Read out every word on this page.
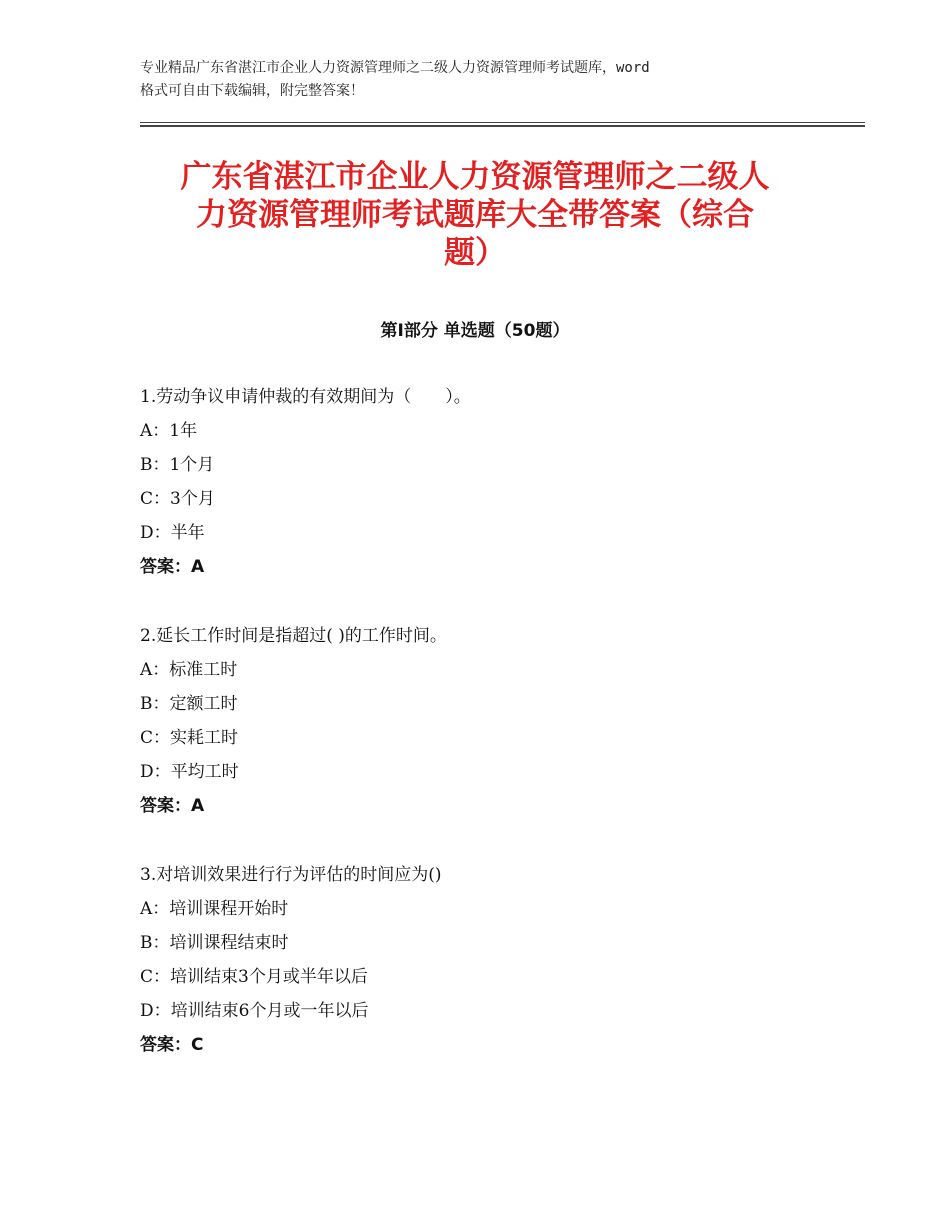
专业精品广东省湛江市企业人力资源管理师之二级人力资源管理师考试题库，word
格式可自由下载编辑，附完整答案！
广东省湛江市企业人力资源管理师之二级人
力资源管理师考试题库大全带答案（综合
题）
第Ⅰ部分 单选题（50题）
1.劳动争议申请仲裁的有效期间为（　　）。
A：1年
B：1个月
C：3个月
D：半年
答案：A
2.延长工作时间是指超过( )的工作时间。
A：标准工时
B：定额工时
C：实耗工时
D：平均工时
答案：A
3.对培训效果进行行为评估的时间应为()
A：培训课程开始时
B：培训课程结束时
C：培训结束3个月或半年以后
D：培训结束6个月或一年以后
答案：C
